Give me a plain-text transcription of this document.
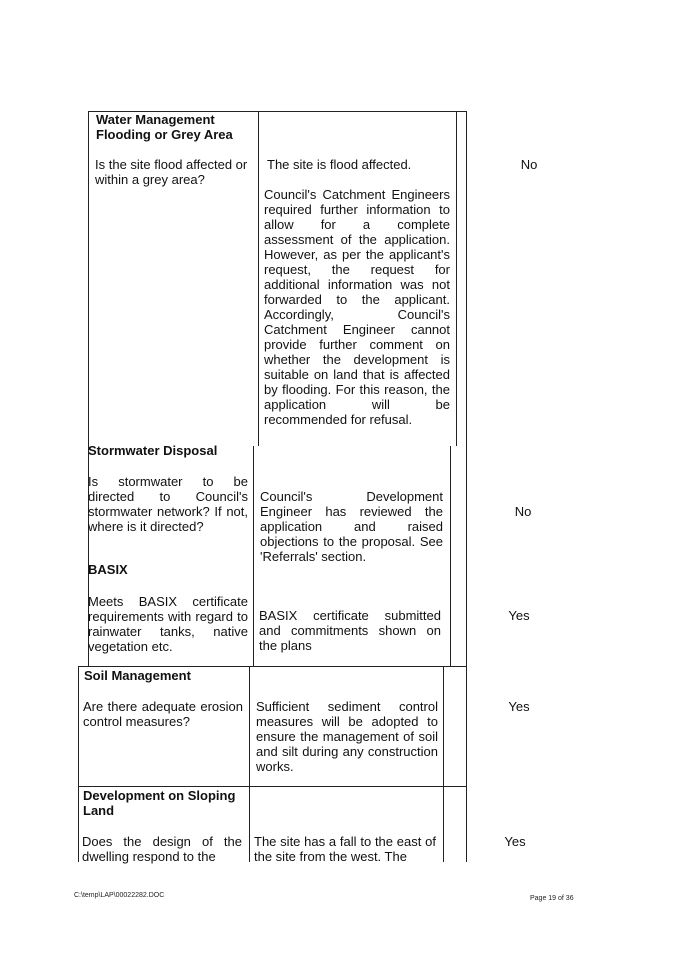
Water Management Flooding or Grey Area
Is the site flood affected or within a grey area?
The site is flood affected.
Council's Catchment Engineers required further information to allow for a complete assessment of the application. However, as per the applicant's request, the request for additional information was not forwarded to the applicant. Accordingly, Council's Catchment Engineer cannot provide further comment on whether the development is suitable on land that is affected by flooding. For this reason, the application will be recommended for refusal.
No
Stormwater Disposal
Is stormwater to be directed to Council's stormwater network? If not, where is it directed?
Council's Development Engineer has reviewed the application and raised objections to the proposal. See 'Referrals' section.
No
BASIX
Meets BASIX certificate requirements with regard to rainwater tanks, native vegetation etc.
BASIX certificate submitted and commitments shown on the plans
Yes
Soil Management
Are there adequate erosion control measures?
Sufficient sediment control measures will be adopted to ensure the management of soil and silt during any construction works.
Yes
Development on Sloping Land
Does the design of the dwelling respond to the
The site has a fall to the east of the site from the west. The
Yes
C:\temp\LAP\00022282.DOC	Page 19 of 36
